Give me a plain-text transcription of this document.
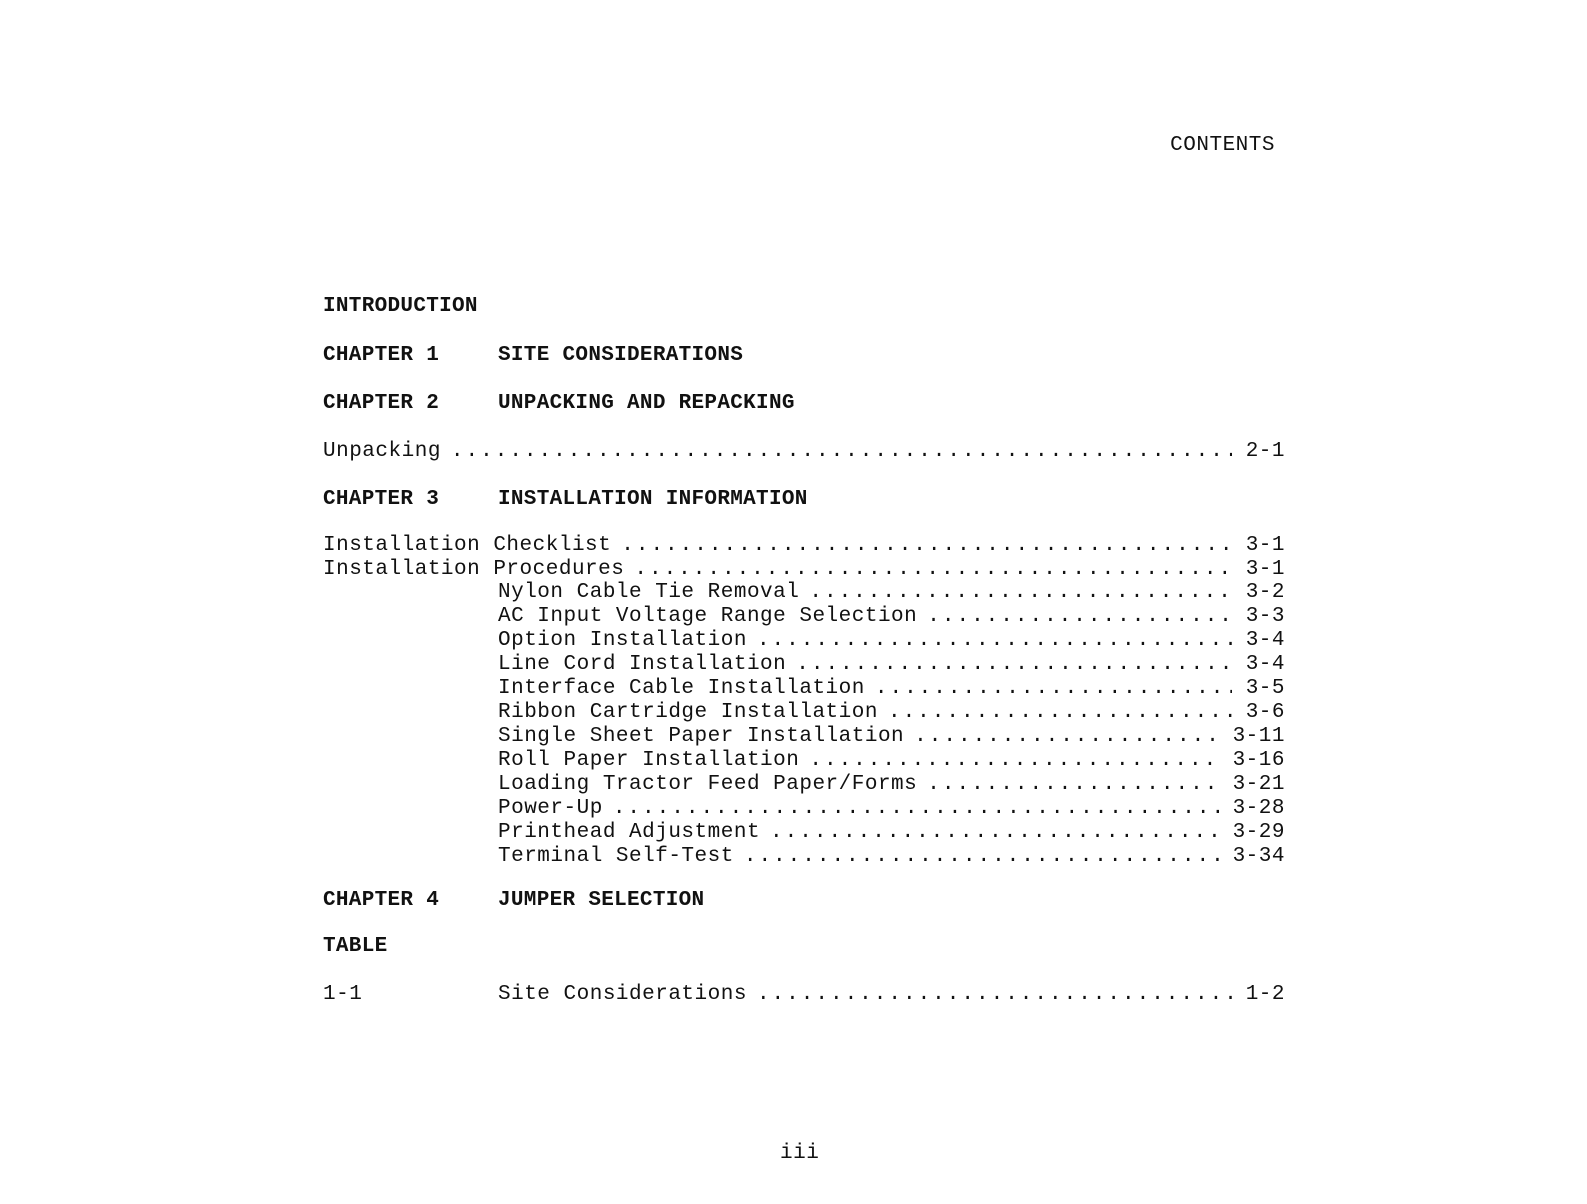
CONTENTS
INTRODUCTION
CHAPTER 1	SITE CONSIDERATIONS
CHAPTER 2	UNPACKING AND REPACKING
Unpacking .....	2-1
CHAPTER 3	INSTALLATION INFORMATION
Installation Checklist .....	3-1
Installation Procedures .....	3-1
Nylon Cable Tie Removal .....	3-2
AC Input Voltage Range Selection .....	3-3
Option Installation .....	3-4
Line Cord Installation .....	3-4
Interface Cable Installation .....	3-5
Ribbon Cartridge Installation .....	3-6
Single Sheet Paper Installation .....	3-11
Roll Paper Installation .....	3-16
Loading Tractor Feed Paper/Forms .....	3-21
Power-Up .....	3-28
Printhead Adjustment .....	3-29
Terminal Self-Test .....	3-34
CHAPTER 4	JUMPER SELECTION
TABLE
1-1	Site Considerations .....	1-2
iii
